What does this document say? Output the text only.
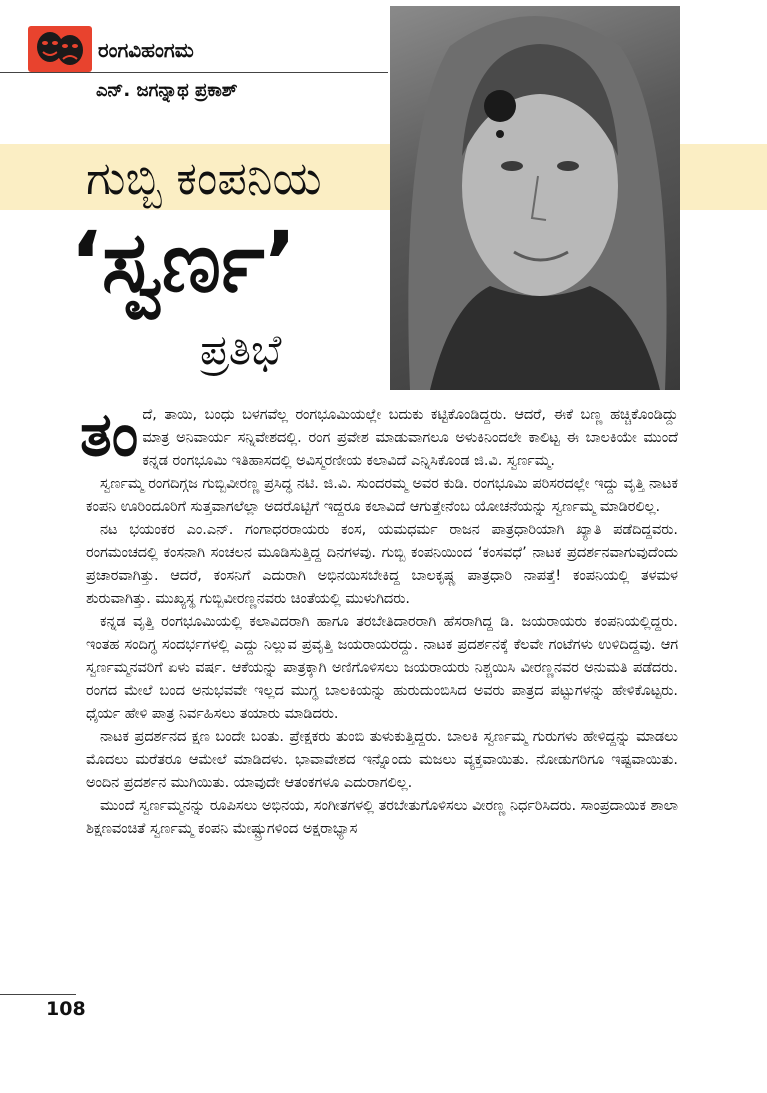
ರಂಗವಿಹಂಗಮ
ಎನ್. ಜಗನ್ನಾಥ ಪ್ರಕಾಶ್
ಗುಬ್ಬಿ ಕಂಪನಿಯ
‘ಸ್ವರ್ಣ’
ಪ್ರತಿಭೆ

ತಂದೆ, ತಾಯಿ, ಬಂಧು ಬಳಗವೆಲ್ಲ ರಂಗಭೂಮಿಯಲ್ಲೇ ಬದುಕು ಕಟ್ಟಿಕೊಂಡಿದ್ದರು. ಆದರೆ, ಈಕೆ ಬಣ್ಣ ಹಚ್ಚಿಕೊಂಡಿದ್ದು ಮಾತ್ರ ಅನಿವಾರ್ಯ ಸನ್ನಿವೇಶದಲ್ಲಿ. ರಂಗ ಪ್ರವೇಶ ಮಾಡುವಾಗಲೂ ಅಳುಕಿನಿಂದಲೇ ಕಾಲಿಟ್ಟ ಈ ಬಾಲಕಿಯೇ ಮುಂದೆ ಕನ್ನಡ ರಂಗಭೂಮಿ ಇತಿಹಾಸದಲ್ಲಿ ಅವಿಸ್ಮರಣೀಯ ಕಲಾವಿದೆ ಎನ್ನಿಸಿಕೊಂಡ ಜಿ.ವಿ. ಸ್ವರ್ಣಮ್ಮ.

ಸ್ವರ್ಣಮ್ಮ ರಂಗದಿಗ್ಗಜ ಗುಬ್ಬಿವೀರಣ್ಣ ಪ್ರಸಿದ್ಧ ನಟಿ. ಜಿ.ವಿ. ಸುಂದರಮ್ಮ ಅವರ ಕುಡಿ. ರಂಗಭೂಮಿ ಪರಿಸರದಲ್ಲೇ ಇದ್ದು ವೃತ್ತಿ ನಾಟಕ ಕಂಪನಿ ಊರಿಂದೂರಿಗೆ ಸುತ್ತವಾಗಲೆಲ್ಲಾ ಅದರೊಟ್ಟಿಗೆ ಇದ್ದರೂ ಕಲಾವಿದೆ ಆಗುತ್ತೇನೆಂಬ ಯೋಚನೆಯನ್ನು ಸ್ವರ್ಣಮ್ಮ ಮಾಡಿರಲಿಲ್ಲ.

ನಟ ಭಯಂಕರ ಎಂ.ಎನ್. ಗಂಗಾಧರರಾಯರು ಕಂಸ, ಯಮಧರ್ಮ ರಾಜನ ಪಾತ್ರಧಾರಿಯಾಗಿ ಖ್ಯಾತಿ ಪಡೆದಿದ್ದವರು. ರಂಗಮಂಚದಲ್ಲಿ ಕಂಸನಾಗಿ ಸಂಚಲನ ಮೂಡಿಸುತ್ತಿದ್ದ ದಿನಗಳವು. ಗುಬ್ಬಿ ಕಂಪನಿಯಿಂದ ‘ಕಂಸವಧೆ’ ನಾಟಕ ಪ್ರದರ್ಶನವಾಗುವುದೆಂದು ಪ್ರಚಾರವಾಗಿತ್ತು. ಆದರೆ, ಕಂಸನಿಗೆ ಎದುರಾಗಿ ಅಭಿನಯಿಸಬೇಕಿದ್ದ ಬಾಲಕೃಷ್ಣ ಪಾತ್ರಧಾರಿ ನಾಪತ್ತೆ! ಕಂಪನಿಯಲ್ಲಿ ತಳಮಳ ಶುರುವಾಗಿತ್ತು. ಮುಖ್ಯಸ್ಥ ಗುಬ್ಬಿವೀರಣ್ಣನವರು ಚಿಂತೆಯಲ್ಲಿ ಮುಳುಗಿದರು.

ಕನ್ನಡ ವೃತ್ತಿ ರಂಗಭೂಮಿಯಲ್ಲಿ ಕಲಾವಿದರಾಗಿ ಹಾಗೂ ತರಬೇತಿದಾರರಾಗಿ ಹೆಸರಾಗಿದ್ದ ಡಿ. ಜಯರಾಯರು ಕಂಪನಿಯಲ್ಲಿದ್ದರು. ಇಂತಹ ಸಂದಿಗ್ಧ ಸಂದರ್ಭಗಳಲ್ಲಿ ಎದ್ದು ನಿಲ್ಲುವ ಪ್ರವೃತ್ತಿ ಜಯರಾಯರದ್ದು. ನಾಟಕ ಪ್ರದರ್ಶನಕ್ಕೆ ಕೆಲವೇ ಗಂಟೆಗಳು ಉಳಿದಿದ್ದವು. ಆಗ ಸ್ವರ್ಣಮ್ಮನವರಿಗೆ ಏಳು ವರ್ಷ. ಆಕೆಯನ್ನು ಪಾತ್ರಕ್ಕಾಗಿ ಅಣಿಗೊಳಿಸಲು ಜಯರಾಯರು ನಿಶ್ಚಯಿಸಿ ವೀರಣ್ಣನವರ ಅನುಮತಿ ಪಡೆದರು. ರಂಗದ ಮೇಲೆ ಬಂದ ಅನುಭವವೇ ಇಲ್ಲದ ಮುಗ್ಧ ಬಾಲಕಿಯನ್ನು ಹುರುದುಂಬಿಸಿದ ಅವರು ಪಾತ್ರದ ಪಟ್ಟುಗಳನ್ನು ಹೇಳಿಕೊಟ್ಟರು. ಧೈರ್ಯ ಹೇಳಿ ಪಾತ್ರ ನಿರ್ವಹಿಸಲು ತಯಾರು ಮಾಡಿದರು.

ನಾಟಕ ಪ್ರದರ್ಶನದ ಕ್ಷಣ ಬಂದೇ ಬಂತು. ಪ್ರೇಕ್ಷಕರು ತುಂಬಿ ತುಳುಕುತ್ತಿದ್ದರು. ಬಾಲಕಿ ಸ್ವರ್ಣಮ್ಮ ಗುರುಗಳು ಹೇಳಿದ್ದನ್ನು ಮಾಡಲು ಮೊದಲು ಮರೆತರೂ ಆಮೇಲೆ ಮಾಡಿದಳು. ಭಾವಾವೇಶದ ಇನ್ನೊಂದು ಮಜಲು ವ್ಯಕ್ತವಾಯಿತು. ನೋಡುಗರಿಗೂ ಇಷ್ಟವಾಯಿತು. ಅಂದಿನ ಪ್ರದರ್ಶನ ಮುಗಿಯಿತು. ಯಾವುದೇ ಆತಂಕಗಳೂ ಎದುರಾಗಲಿಲ್ಲ.

ಮುಂದೆ ಸ್ವರ್ಣಮ್ಮನನ್ನು ರೂಪಿಸಲು ಅಭಿನಯ, ಸಂಗೀತಗಳಲ್ಲಿ ತರಬೇತುಗೊಳಿಸಲು ವೀರಣ್ಣ ನಿರ್ಧರಿಸಿದರು. ಸಾಂಪ್ರದಾಯಿಕ ಶಾಲಾ ಶಿಕ್ಷಣವಂಚಿತೆ ಸ್ವರ್ಣಮ್ಮ ಕಂಪನಿ ಮೇಷ್ಟ್ರುಗಳಿಂದ ಅಕ್ಷರಾಭ್ಯಾಸ

108
